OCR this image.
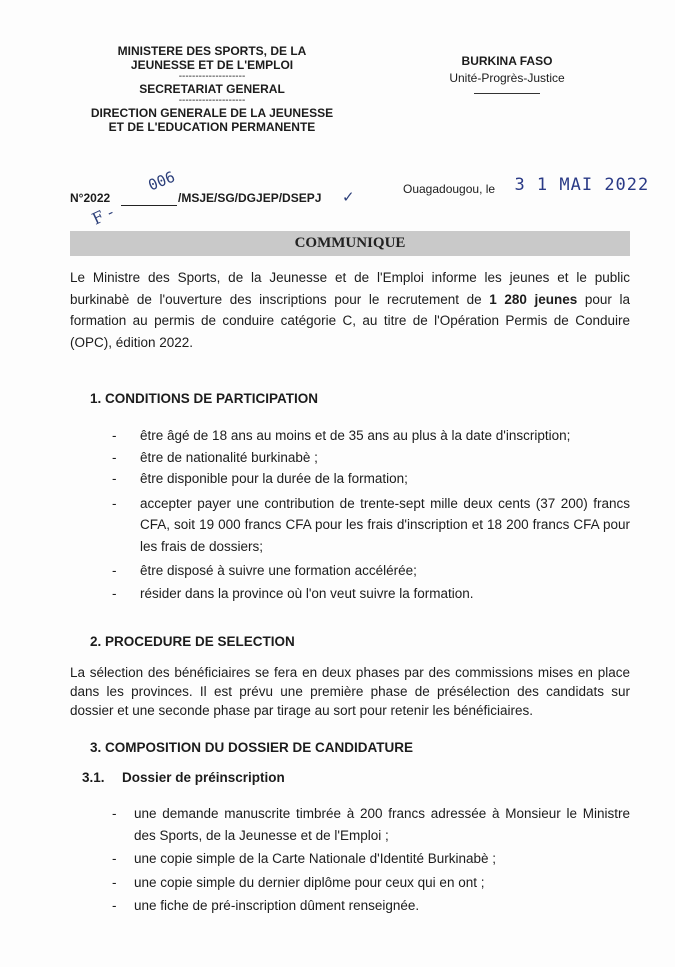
MINISTERE DES SPORTS, DE LA
JEUNESSE ET DE L'EMPLOI
--------------------
SECRETARIAT GENERAL
--------------------
DIRECTION GENERALE DE LA JEUNESSE
ET DE L'EDUCATION PERMANENTE
BURKINA FASO
Unité-Progrès-Justice
N°2022
006
F -
/MSJE/SG/DGJEP/DSEPJ ✓	Ouagadougou, le 3 1 MAI 2022
COMMUNIQUE
Le Ministre des Sports, de la Jeunesse et de l'Emploi informe les jeunes et le public burkinabè de l'ouverture des inscriptions pour le recrutement de 1 280 jeunes pour la formation au permis de conduire catégorie C, au titre de l'Opération Permis de Conduire (OPC), édition 2022.
1. CONDITIONS DE PARTICIPATION
- être âgé de 18 ans au moins et de 35 ans au plus à la date d'inscription;
- être de nationalité burkinabè ;
- être disponible pour la durée de la formation;
- accepter payer une contribution de trente-sept mille deux cents (37 200) francs CFA, soit 19 000 francs CFA pour les frais d'inscription et 18 200 francs CFA pour les frais de dossiers;
- être disposé à suivre une formation accélérée;
- résider dans la province où l'on veut suivre la formation.
2. PROCEDURE DE SELECTION
La sélection des bénéficiaires se fera en deux phases par des commissions mises en place dans les provinces. Il est prévu une première phase de présélection des candidats sur dossier et une seconde phase par tirage au sort pour retenir les bénéficiaires.
3. COMPOSITION DU DOSSIER DE CANDIDATURE
3.1. Dossier de préinscription
- une demande manuscrite timbrée à 200 francs adressée à Monsieur le Ministre des Sports, de la Jeunesse et de l'Emploi ;
- une copie simple de la Carte Nationale d'Identité Burkinabè ;
- une copie simple du dernier diplôme pour ceux qui en ont ;
- une fiche de pré-inscription dûment renseignée.
